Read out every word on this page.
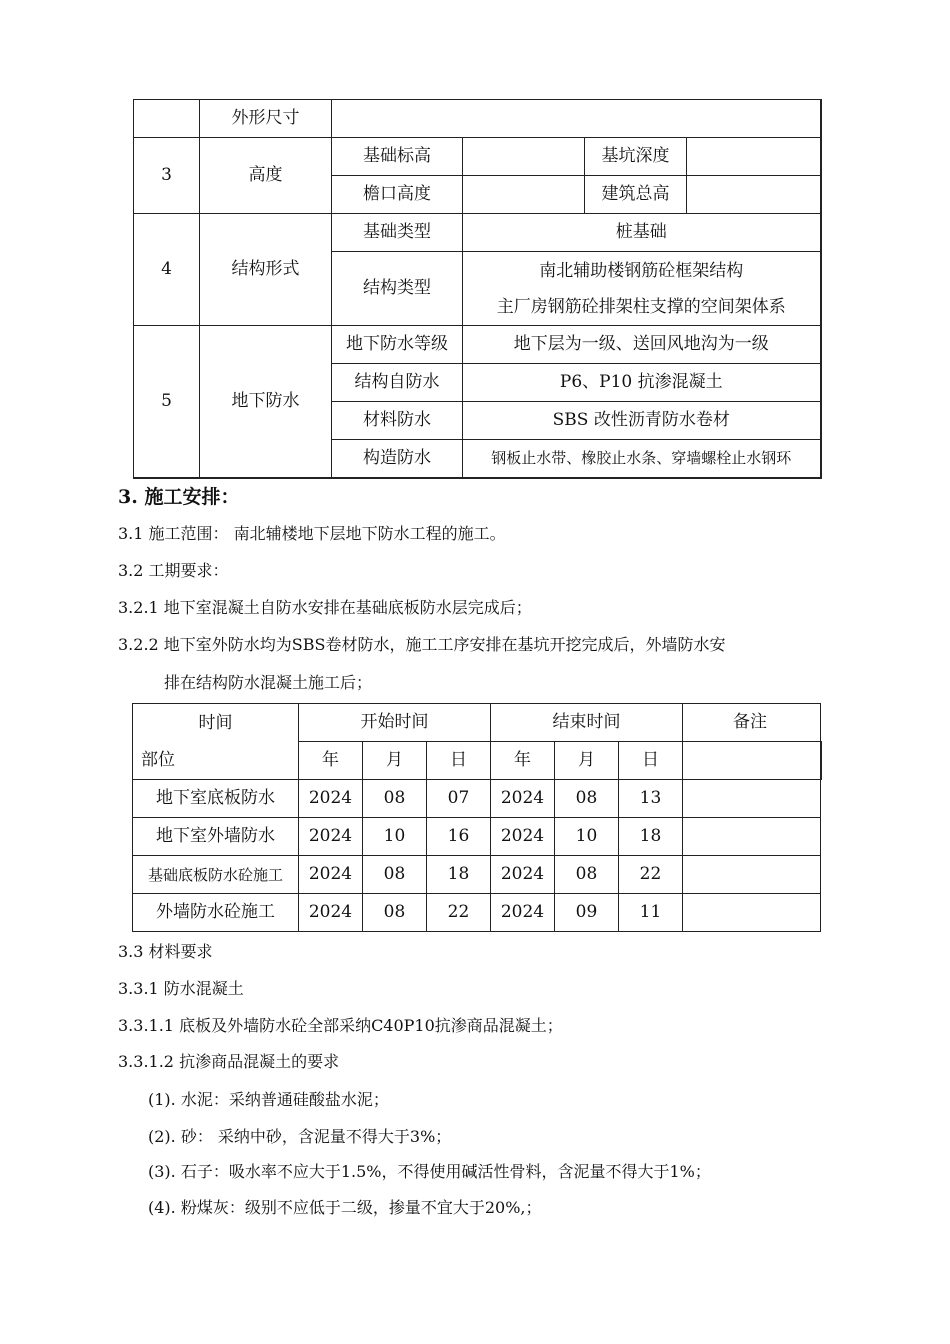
	外形尺寸				
3	高度	基础标高		基坑深度	
		檐口高度		建筑总高	
4	结构形式	基础类型	桩基础		
		结构类型	南北辅助楼钢筋砼框架结构
主厂房钢筋砼排架柱支撑的空间架体系		

5	地下防水	地下防水等级	地下层为一级、送回风地沟为一级		
		结构自防水	P6、P10 抗渗混凝土		
		材料防水	SBS 改性沥青防水卷材		
		构造防水	钢板止水带、橡胶止水条、穿墙螺栓止水钢环		
3. 施工安排：
3.1 施工范围： 南北辅楼地下层地下防水工程的施工。
3.2 工期要求：
3.2.1 地下室混凝土自防水安排在基础底板防水层完成后；
3.2.2 地下室外防水均为SBS卷材防水，施工工序安排在基坑开挖完成后，外墙防水安
排在结构防水混凝土施工后；
时间	开始时间			结束时间			备注
部位	年	月	日	年	月	日	
地下室底板防水	2024	08	07	2024	08	13	
地下室外墙防水	2024	10	16	2024	10	18	
基础底板防水砼施工	2024	08	18	2024	08	22	
外墙防水砼施工	2024	08	22	2024	09	11	
3.3 材料要求
3.3.1 防水混凝土
3.3.1.1 底板及外墙防水砼全部采纳C40P10抗渗商品混凝土；
3.3.1.2 抗渗商品混凝土的要求
(1). 水泥：采纳普通硅酸盐水泥；
(2). 砂： 采纳中砂，含泥量不得大于3%；
(3). 石子：吸水率不应大于1.5%，不得使用碱活性骨料，含泥量不得大于1%；
(4). 粉煤灰：级别不应低于二级，掺量不宜大于20%,；
